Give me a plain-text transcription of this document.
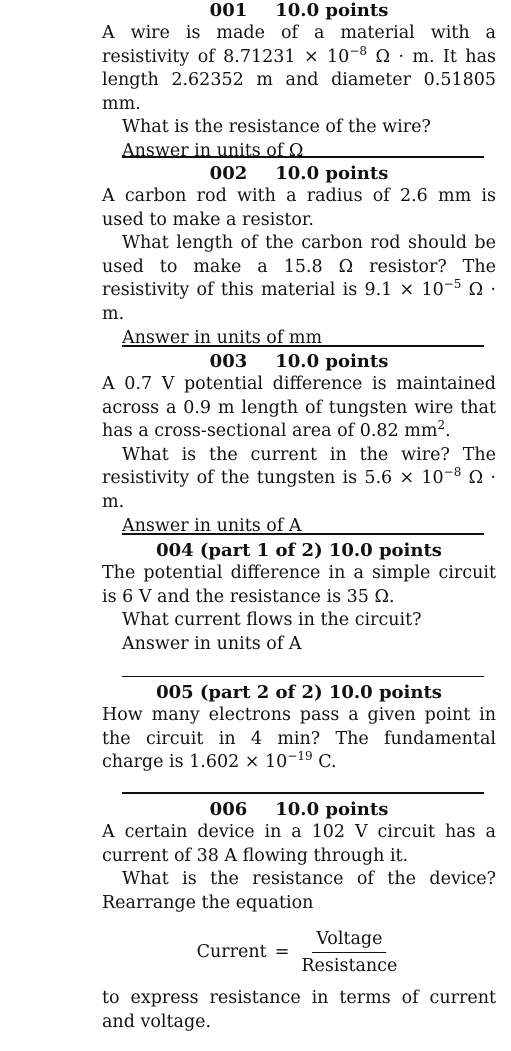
001 10.0 points

A wire is made of a material with a resistivity of $8.71231 \times 10^{-8}$ Ω · m. It has length 2.62352 m and diameter 0.51805 mm.

What is the resistance of the wire?

Answer in units of Ω

002 10.0 points

A carbon rod with a radius of 2.6 mm is used to make a resistor.

What length of the carbon rod should be used to make a 15.8 Ω resistor? The resistivity of this material is $9.1 \times 10^{-5}$ Ω · m.

Answer in units of mm

003 10.0 points

A 0.7 V potential difference is maintained across a 0.9 m length of tungsten wire that has a cross-sectional area of 0.82 $mm^2$.

What is the current in the wire? The resistivity of the tungsten is $5.6 \times 10^{-8}$ Ω · m.

Answer in units of A

004 (part 1 of 2) 10.0 points

The potential difference in a simple circuit is 6 V and the resistance is 35 Ω.

What current flows in the circuit?

Answer in units of A

005 (part 2 of 2) 10.0 points

How many electrons pass a given point in the circuit in 4 min? The fundamental charge is $1.602 \times 10^{-19}$ C.

006 10.0 points

A certain device in a 102 V circuit has a current of 38 A flowing through it.

What is the resistance of the device? Rearrange the equation

Current = $\frac{\text{Voltage}}{\text{Resistance}}$

to express resistance in terms of current and voltage.
